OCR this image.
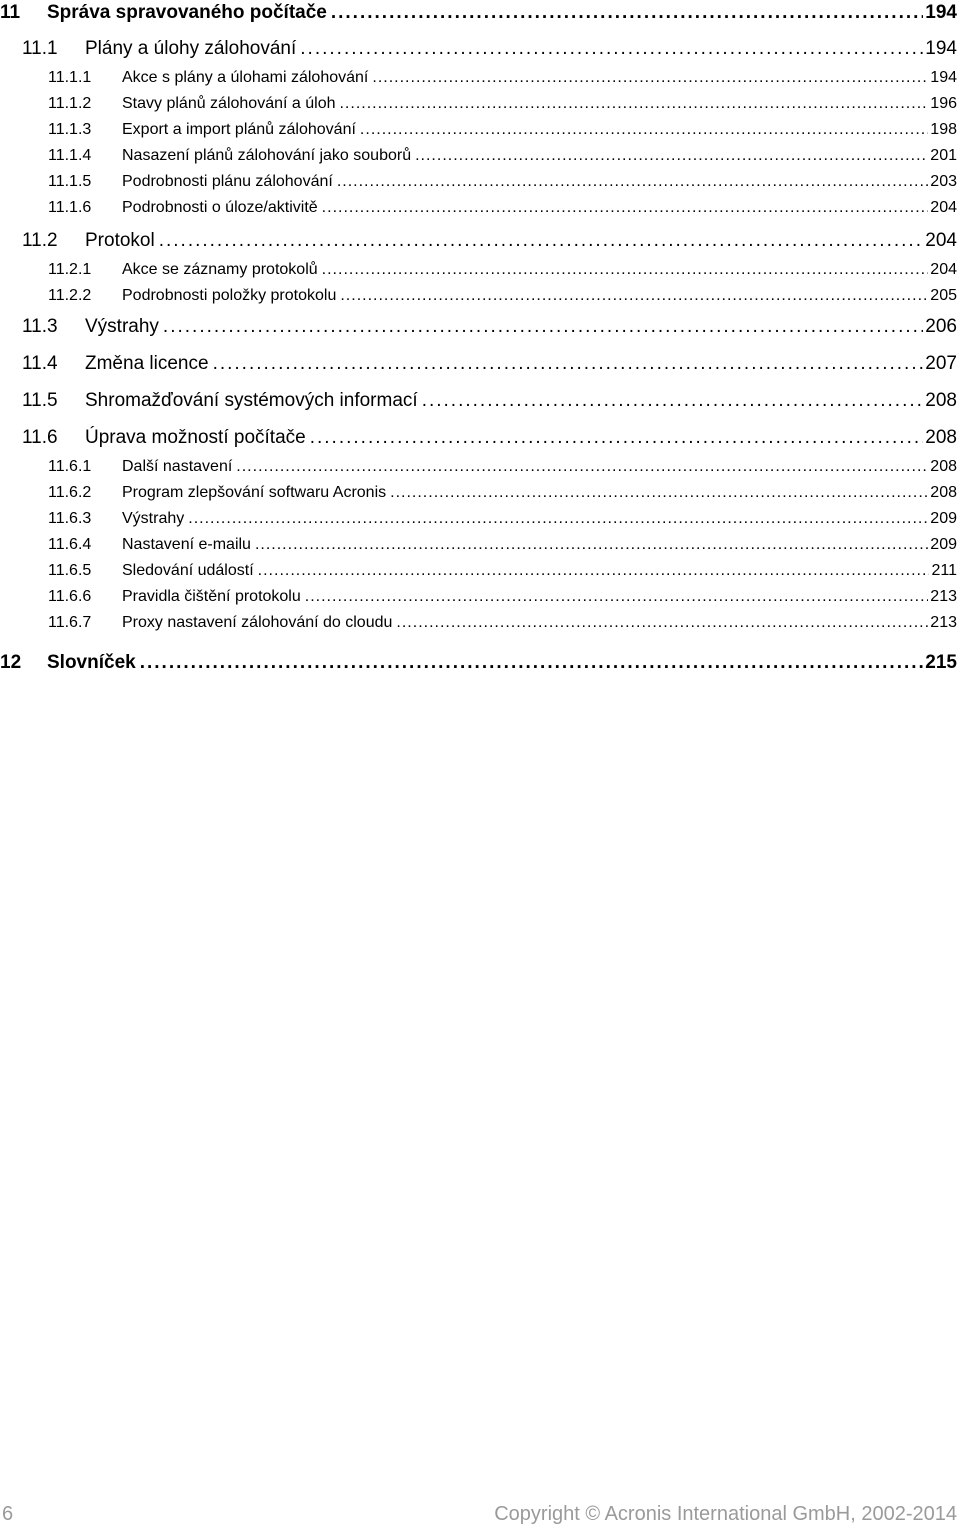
11 Správa spravovaného počítače .....	194
11.1 Plány a úlohy zálohování .....	194
11.1.1 Akce s plány a úlohami zálohování .....	194
11.1.2 Stavy plánů zálohování a úloh .....	196
11.1.3 Export a import plánů zálohování .....	198
11.1.4 Nasazení plánů zálohování jako souborů .....	201
11.1.5 Podrobnosti plánu zálohování .....	203
11.1.6 Podrobnosti o úloze/aktivitě .....	204
11.2 Protokol .....	204
11.2.1 Akce se záznamy protokolů .....	204
11.2.2 Podrobnosti položky protokolu .....	205
11.3 Výstrahy .....	206
11.4 Změna licence .....	207
11.5 Shromažďování systémových informací .....	208
11.6 Úprava možností počítače .....	208
11.6.1 Další nastavení .....	208
11.6.2 Program zlepšování softwaru Acronis .....	208
11.6.3 Výstrahy .....	209
11.6.4 Nastavení e-mailu .....	209
11.6.5 Sledování událostí .....	211
11.6.6 Pravidla čištění protokolu .....	213
11.6.7 Proxy nastavení zálohování do cloudu .....	213
12 Slovníček .....	215
6	Copyright © Acronis International GmbH, 2002-2014
